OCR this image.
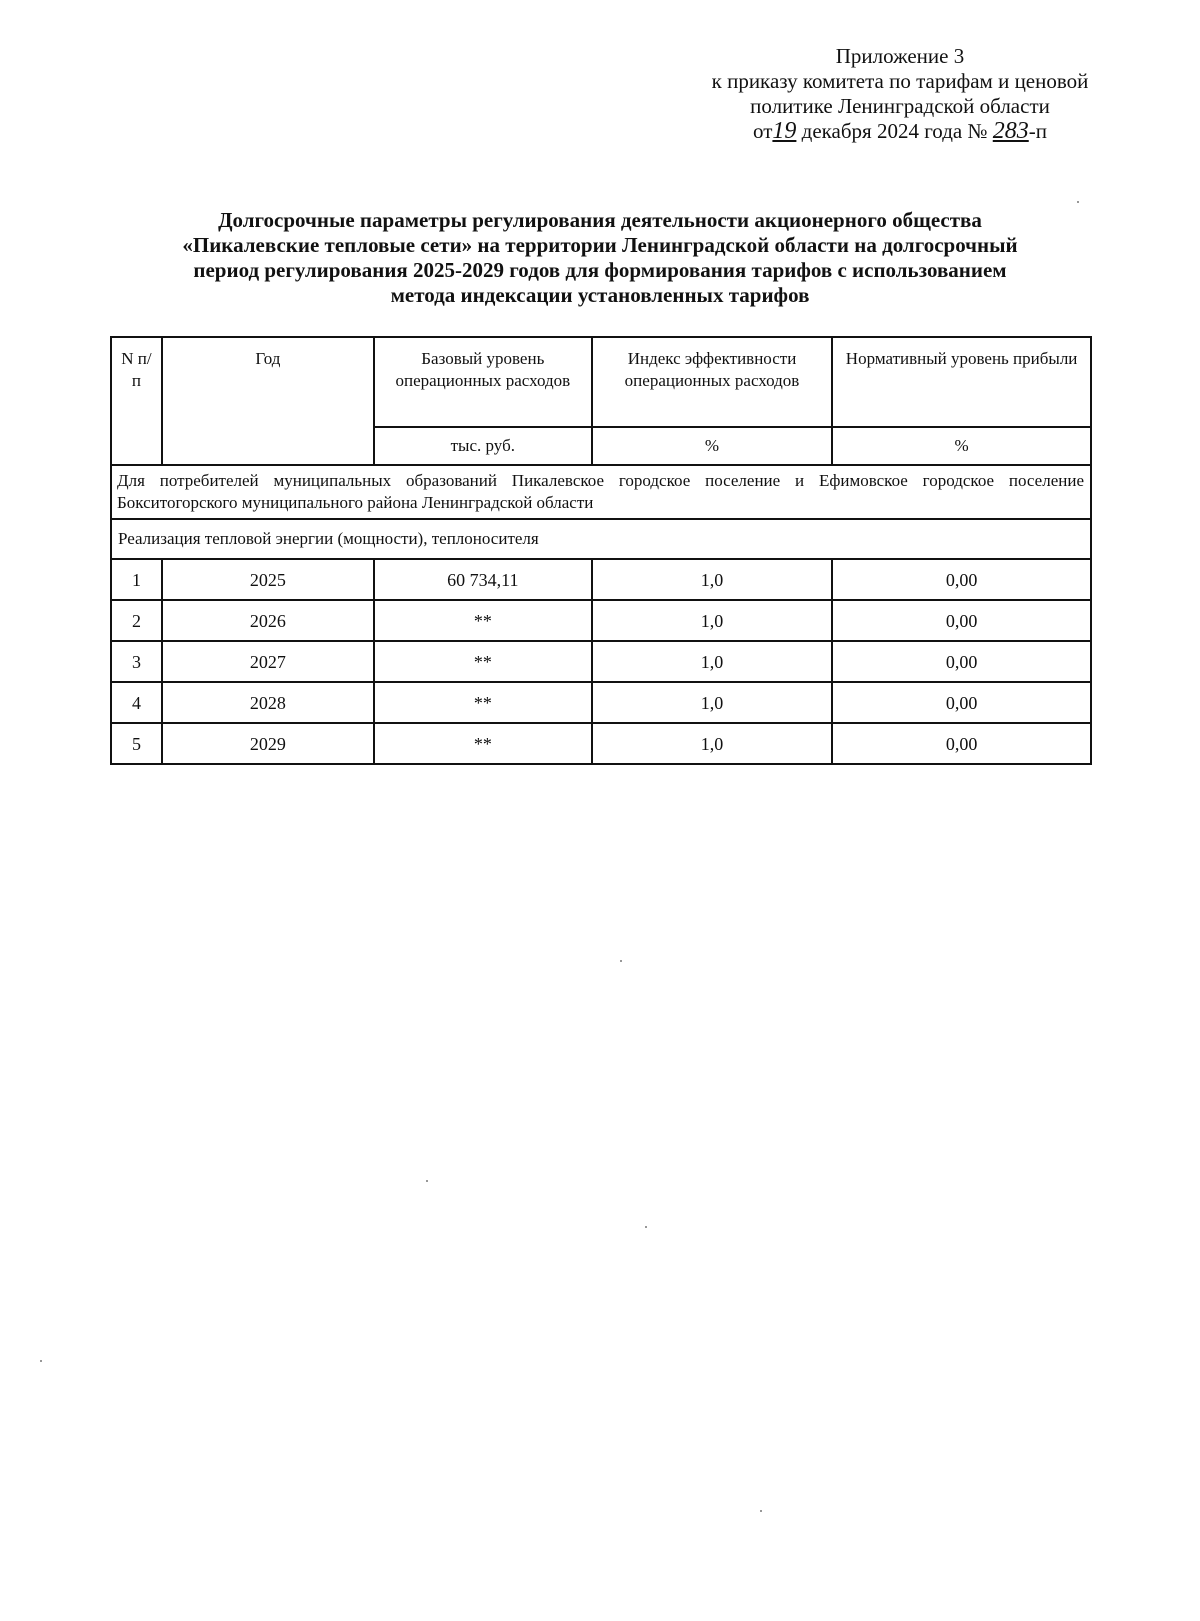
Приложение 3
к приказу комитета по тарифам и ценовой
политике Ленинградской области
от19 декабря 2024 года № 283-п
Долгосрочные параметры регулирования деятельности акционерного общества
«Пикалевские тепловые сети» на территории Ленинградской области на долгосрочный
период регулирования 2025-2029 годов для формирования тарифов с использованием
метода индексации установленных тарифов
N п/п	Год	Базовый уровень операционных расходов	Индекс эффективности операционных расходов	Нормативный уровень прибыли
		тыс. руб.	%	%
Для потребителей муниципальных образований Пикалевское городское поселение и Ефимовское городское поселение Бокситогорского муниципального района Ленинградской области				
Реализация тепловой энергии (мощности), теплоносителя				
1	2025	60 734,11	1,0	0,00
2	2026	**	1,0	0,00
3	2027	**	1,0	0,00
4	2028	**	1,0	0,00
5	2029	**	1,0	0,00
